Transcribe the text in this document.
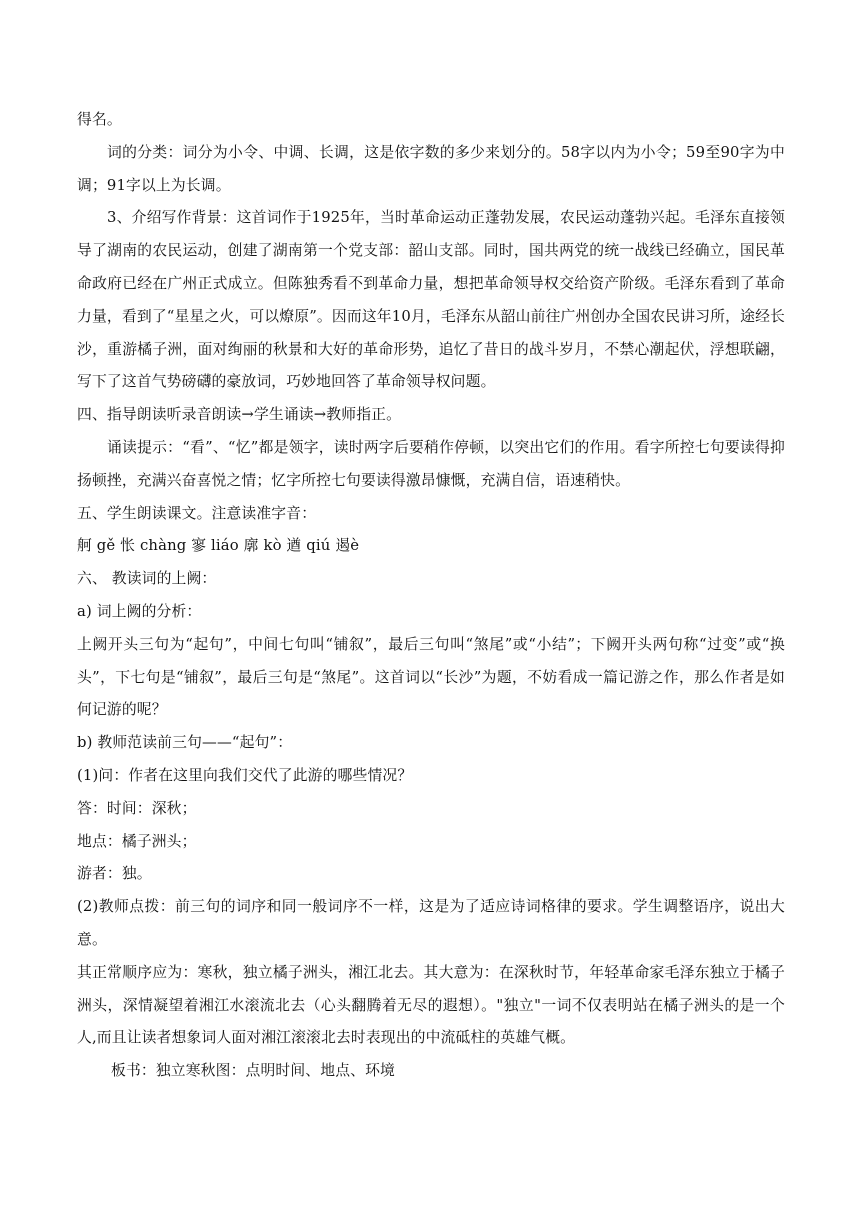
得名。

词的分类：词分为小令、中调、长调，这是依字数的多少来划分的。58字以内为小令；59至90字为中调；91字以上为长调。

3、介绍写作背景：这首词作于1925年，当时革命运动正蓬勃发展，农民运动蓬勃兴起。毛泽东直接领导了湖南的农民运动，创建了湖南第一个党支部：韶山支部。同时，国共两党的统一战线已经确立，国民革命政府已经在广州正式成立。但陈独秀看不到革命力量，想把革命领导权交给资产阶级。毛泽东看到了革命力量，看到了“星星之火，可以燎原”。因而这年10月，毛泽东从韶山前往广州创办全国农民讲习所，途经长沙，重游橘子洲，面对绚丽的秋景和大好的革命形势，追忆了昔日的战斗岁月，不禁心潮起伏，浮想联翩，写下了这首气势磅礴的豪放词，巧妙地回答了革命领导权问题。

四、指导朗读听录音朗读→学生诵读→教师指正。

诵读提示：“看”、“忆”都是领字，读时两字后要稍作停顿，以突出它们的作用。看字所控七句要读得抑扬顿挫，充满兴奋喜悦之情；忆字所控七句要读得激昂慷慨，充满自信，语速稍快。

五、学生朗读课文。注意读准字音：

舸 gě 怅 chàng 寥 liáo 廓 kò 遒 qiú 遏è

六、 教读词的上阙：

a) 词上阙的分析：

上阙开头三句为“起句”，中间七句叫“铺叙”，最后三句叫“煞尾”或“小结”；下阙开头两句称“过变”或“换头”，下七句是“铺叙”，最后三句是“煞尾”。这首词以“长沙”为题，不妨看成一篇记游之作，那么作者是如何记游的呢？

b) 教师范读前三句——“起句”：

(1)问：作者在这里向我们交代了此游的哪些情况？

答：时间：深秋；

地点：橘子洲头；

游者：独。

(2)教师点拨：前三句的词序和同一般词序不一样，这是为了适应诗词格律的要求。学生调整语序，说出大意。

其正常顺序应为：寒秋，独立橘子洲头，湘江北去。其大意为：在深秋时节，年轻革命家毛泽东独立于橘子洲头，深情凝望着湘江水滚流北去（心头翻腾着无尽的遐想）。"独立"一词不仅表明站在橘子洲头的是一个人,而且让读者想象词人面对湘江滚滚北去时表现出的中流砥柱的英雄气概。

板书：独立寒秋图：点明时间、地点、环境
